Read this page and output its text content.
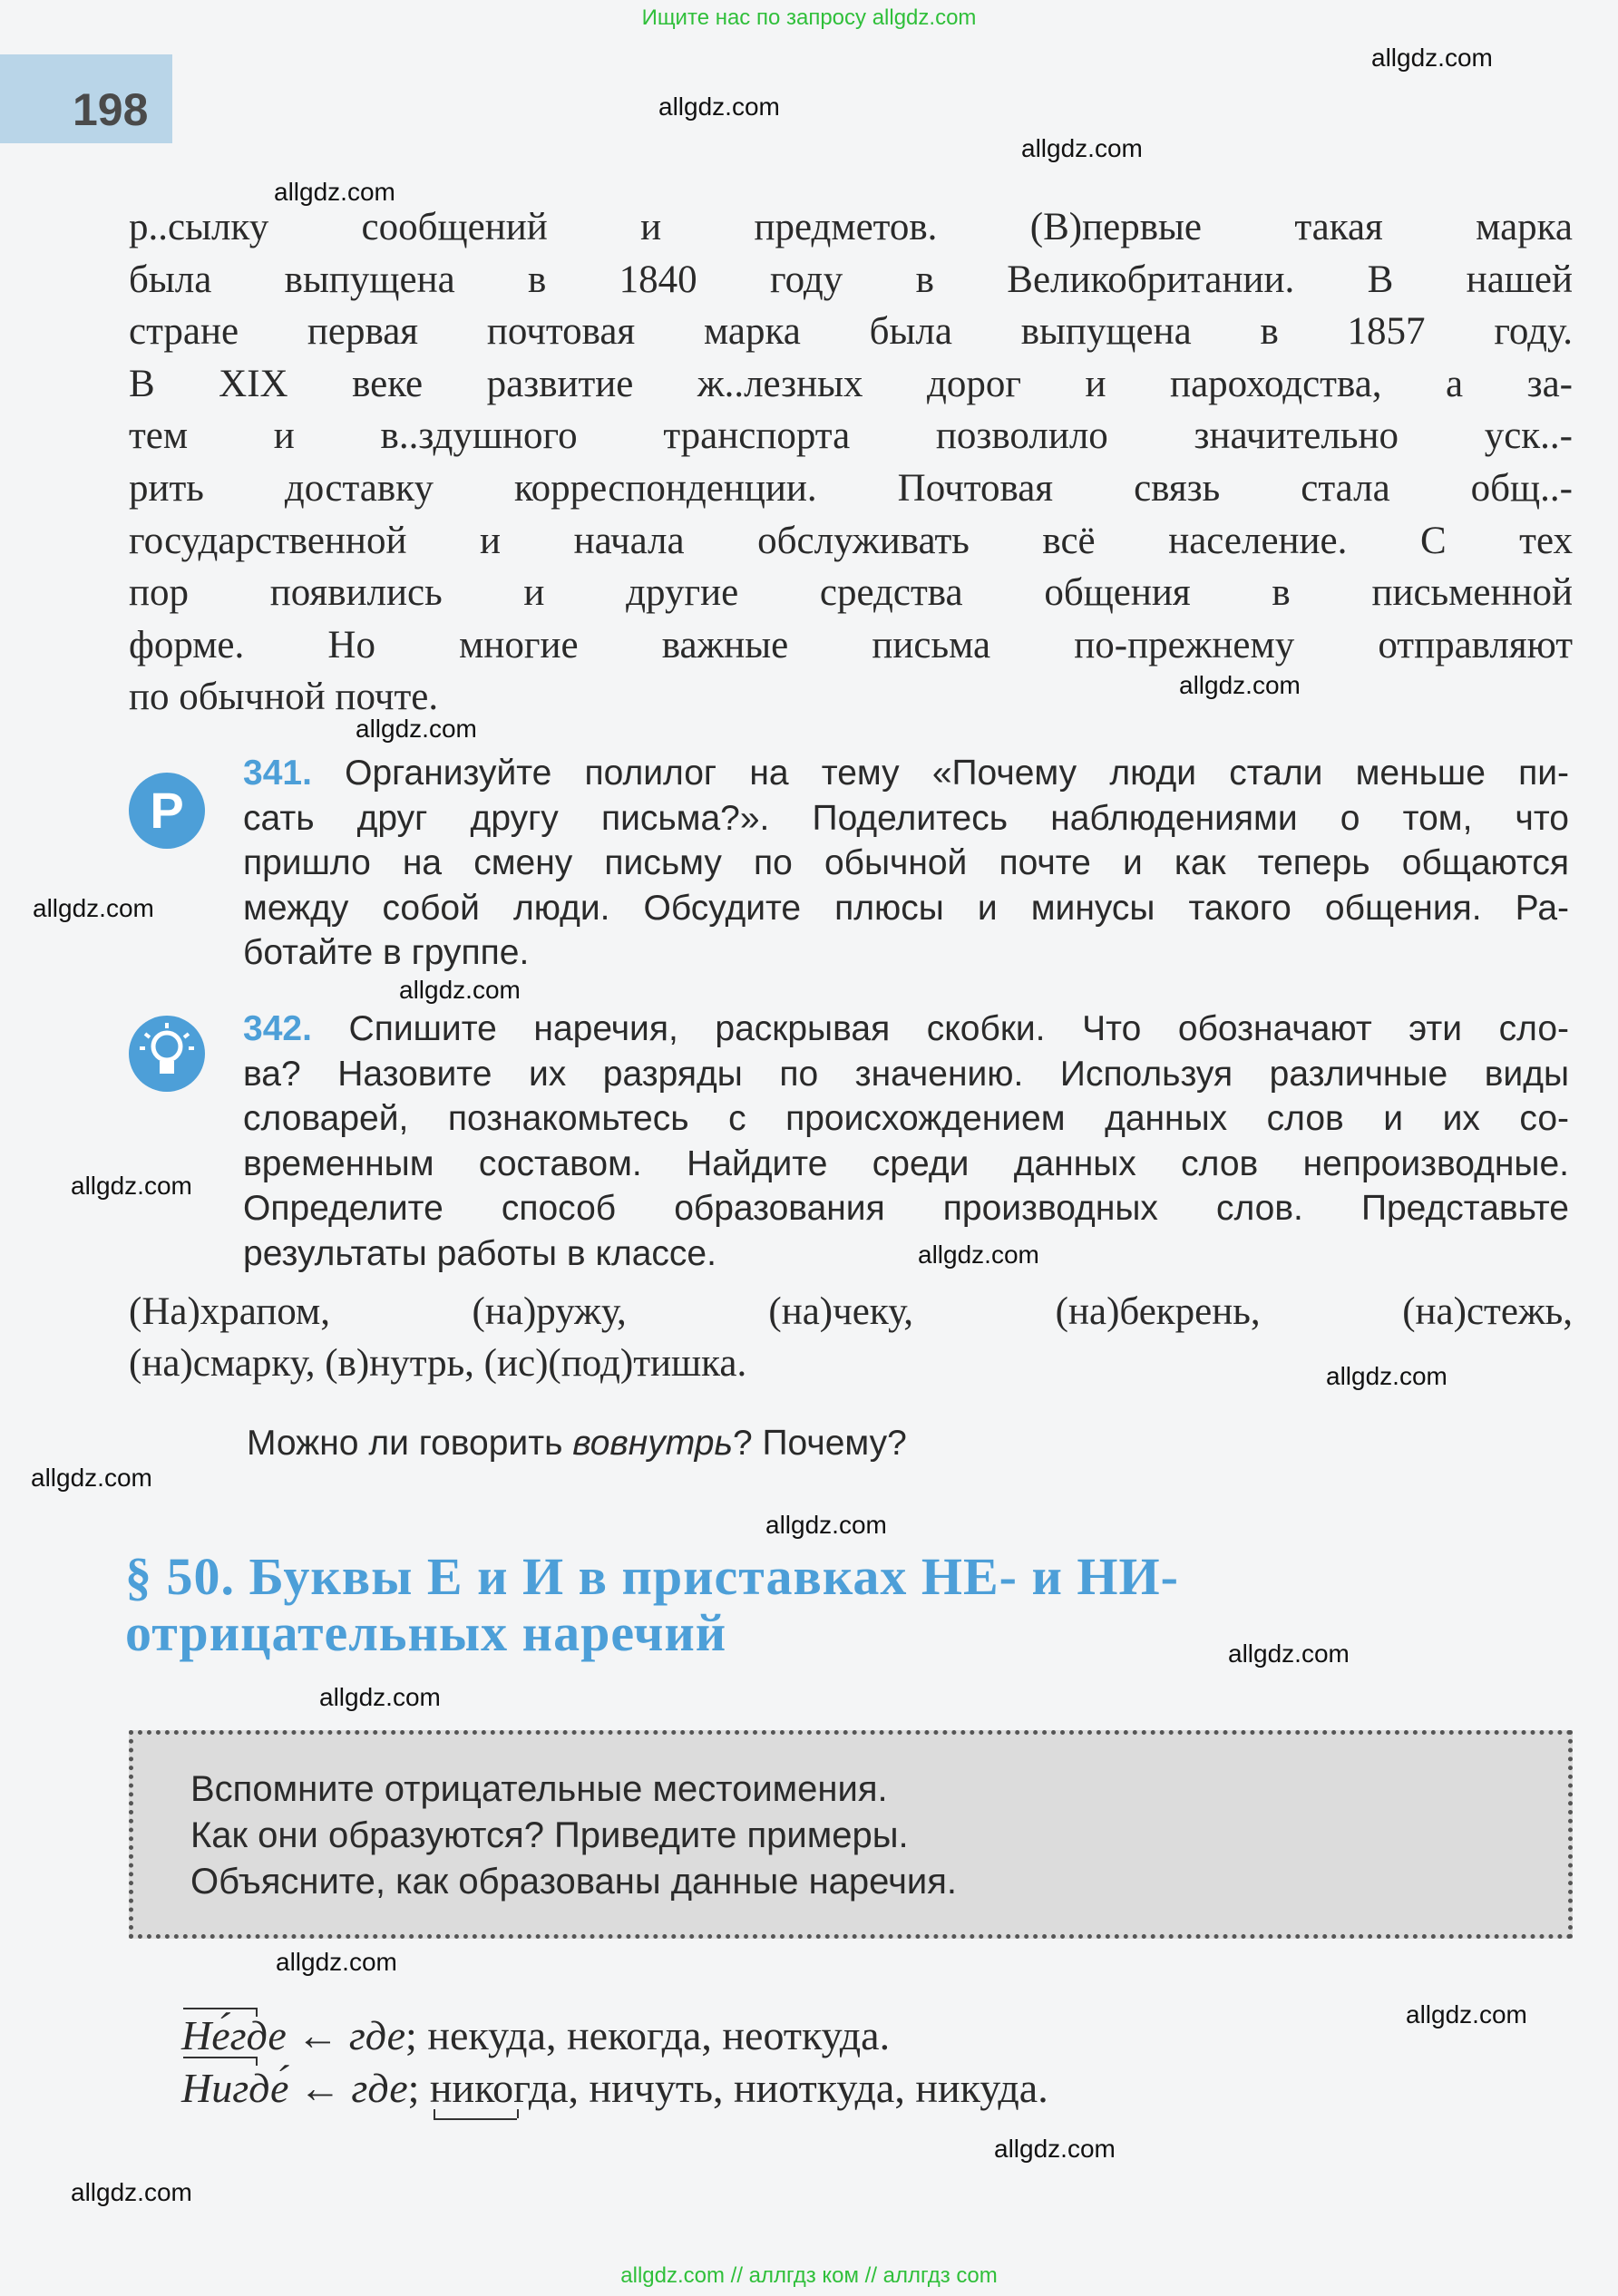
Ищите нас по запросу allgdz.com
198
allgdz.com
allgdz.com
allgdz.com
allgdz.com
allgdz.com
allgdz.com
allgdz.com
allgdz.com
allgdz.com
allgdz.com
allgdz.com
allgdz.com
allgdz.com
allgdz.com
allgdz.com
allgdz.com
allgdz.com
allgdz.com
allgdz.com
р..сылку сообщений и предметов. (В)первые такая марка
была выпущена в 1840 году в Великобритании. В нашей
стране первая почтовая марка была выпущена в 1857 году.
В XIX веке развитие ж..лезных дорог и пароходства, а за-
тем и в..здушного транспорта позволило значительно уск..-
рить доставку корреспонденции. Почтовая связь стала общ..-
государственной и начала обслуживать всё население. С тех
пор появились и другие средства общения в письменной
форме. Но многие важные письма по-прежнему отправляют
по обычной почте.
Р
341. Организуйте полилог на тему «Почему люди стали меньше пи-
сать друг другу письма?». Поделитесь наблюдениями о том, что
пришло на смену письму по обычной почте и как теперь общаются
между собой люди. Обсудите плюсы и минусы такого общения. Ра-
ботайте в группе.
342. Спишите наречия, раскрывая скобки. Что обозначают эти сло-
ва? Назовите их разряды по значению. Используя различные виды
словарей, познакомьтесь с происхождением данных слов и их со-
временным составом. Найдите среди данных слов непроизводные.
Определите способ образования производных слов. Представьте
результаты работы в классе.
(На)храпом, (на)ружу, (на)чеку, (на)бекрень, (на)стежь,
(на)смарку, (в)нутрь, (ис)(под)тишка.
Можно ли говорить вовнутрь? Почему?
§ 50. Буквы Е и И в приставках НЕ- и НИ-
отрицательных наречий
Вспомните отрицательные местоимения.
Как они образуются? Приведите примеры.
Объясните, как образованы данные наречия.
Не́где ← где; некуда, некогда, неоткуда.
Нигде́ ← где; никогда, ничуть, ниоткуда, никуда.
allgdz.com // аллгдз ком // аллгдз com
